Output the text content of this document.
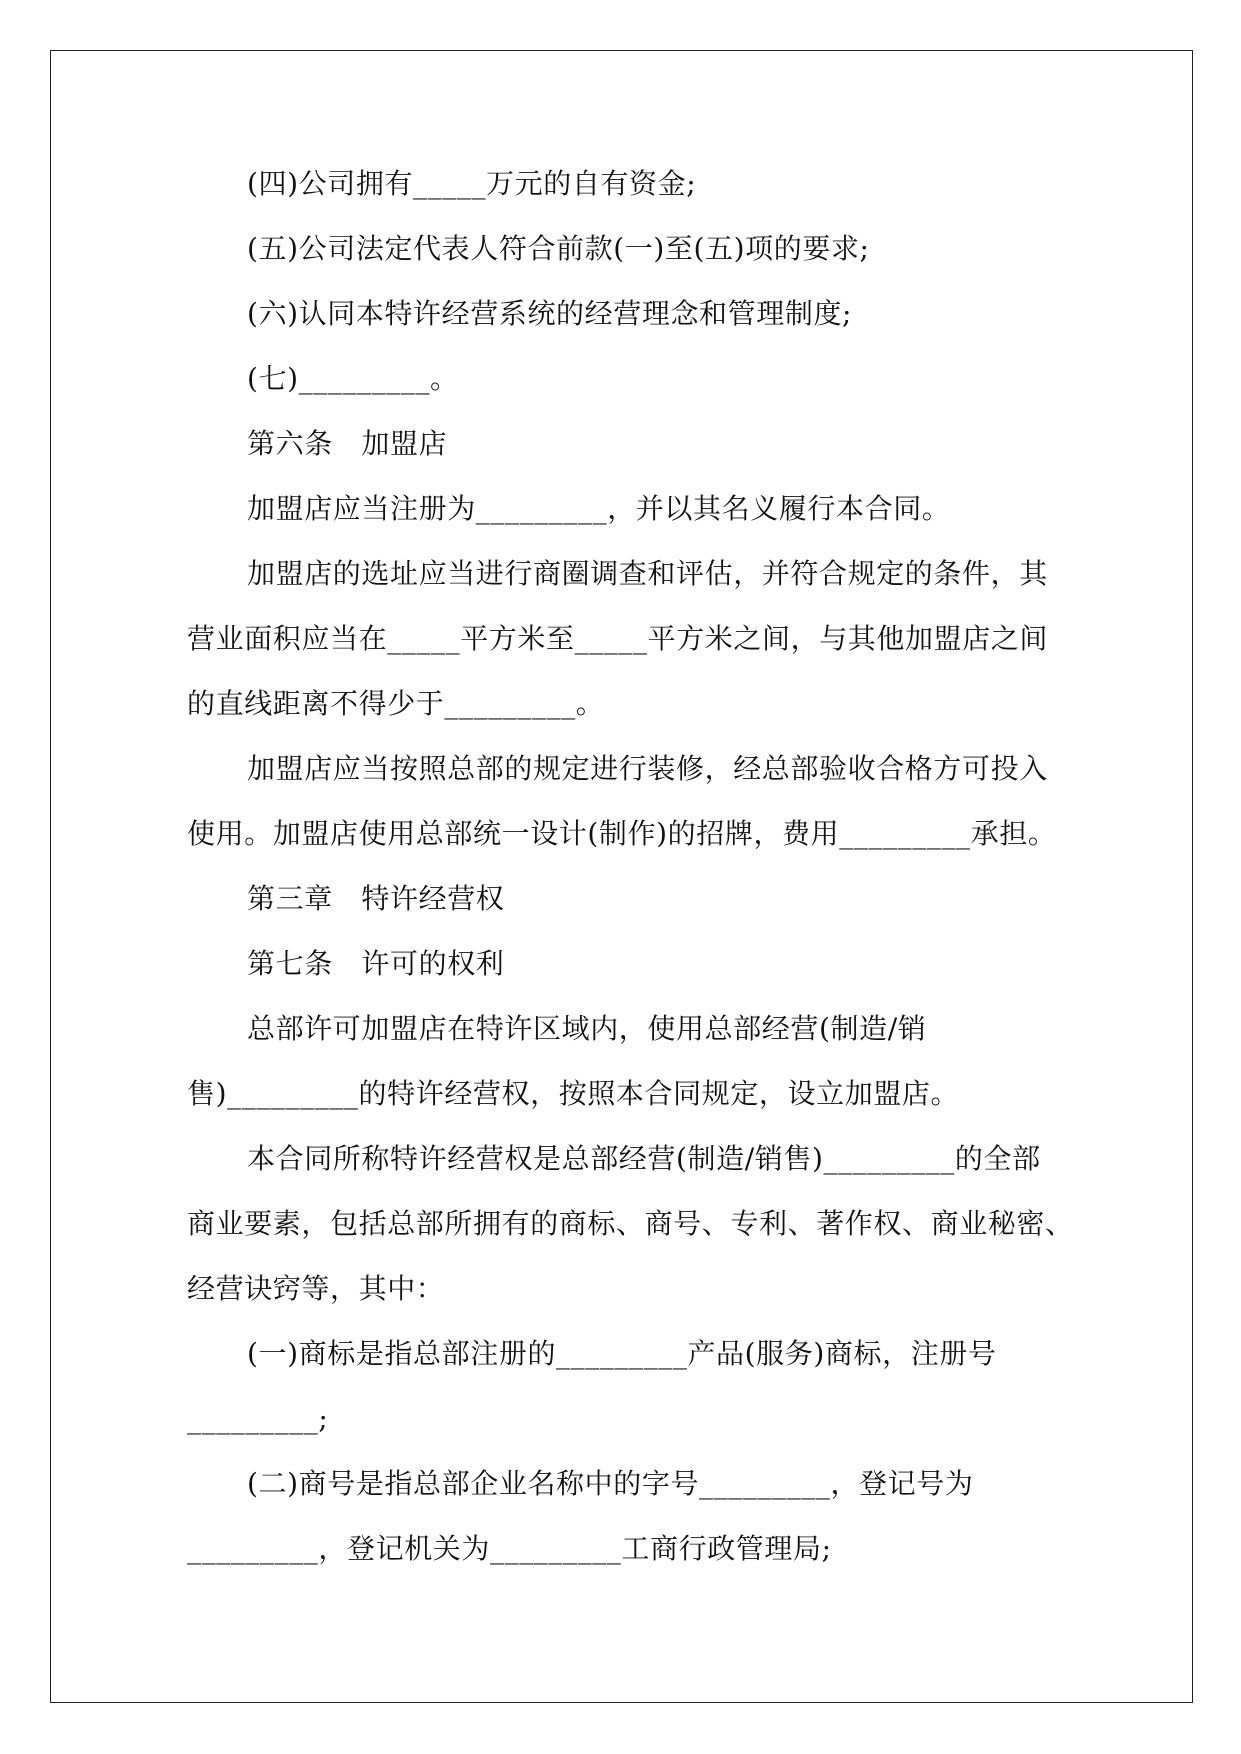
(四)公司拥有_____万元的自有资金;
(五)公司法定代表人符合前款(一)至(五)项的要求;
(六)认同本特许经营系统的经营理念和管理制度;
(七)_________。
第六条　加盟店
加盟店应当注册为_________，并以其名义履行本合同。
加盟店的选址应当进行商圈调查和评估，并符合规定的条件，其
营业面积应当在_____平方米至_____平方米之间，与其他加盟店之间
的直线距离不得少于_________。
加盟店应当按照总部的规定进行装修，经总部验收合格方可投入
使用。加盟店使用总部统一设计(制作)的招牌，费用_________承担。
第三章　特许经营权
第七条　许可的权利
总部许可加盟店在特许区域内，使用总部经营(制造/销
售)_________的特许经营权，按照本合同规定，设立加盟店。
本合同所称特许经营权是总部经营(制造/销售)_________的全部
商业要素，包括总部所拥有的商标、商号、专利、著作权、商业秘密、
经营诀窍等，其中：
(一)商标是指总部注册的_________产品(服务)商标，注册号
_________;
(二)商号是指总部企业名称中的字号_________，登记号为
_________，登记机关为_________工商行政管理局;
